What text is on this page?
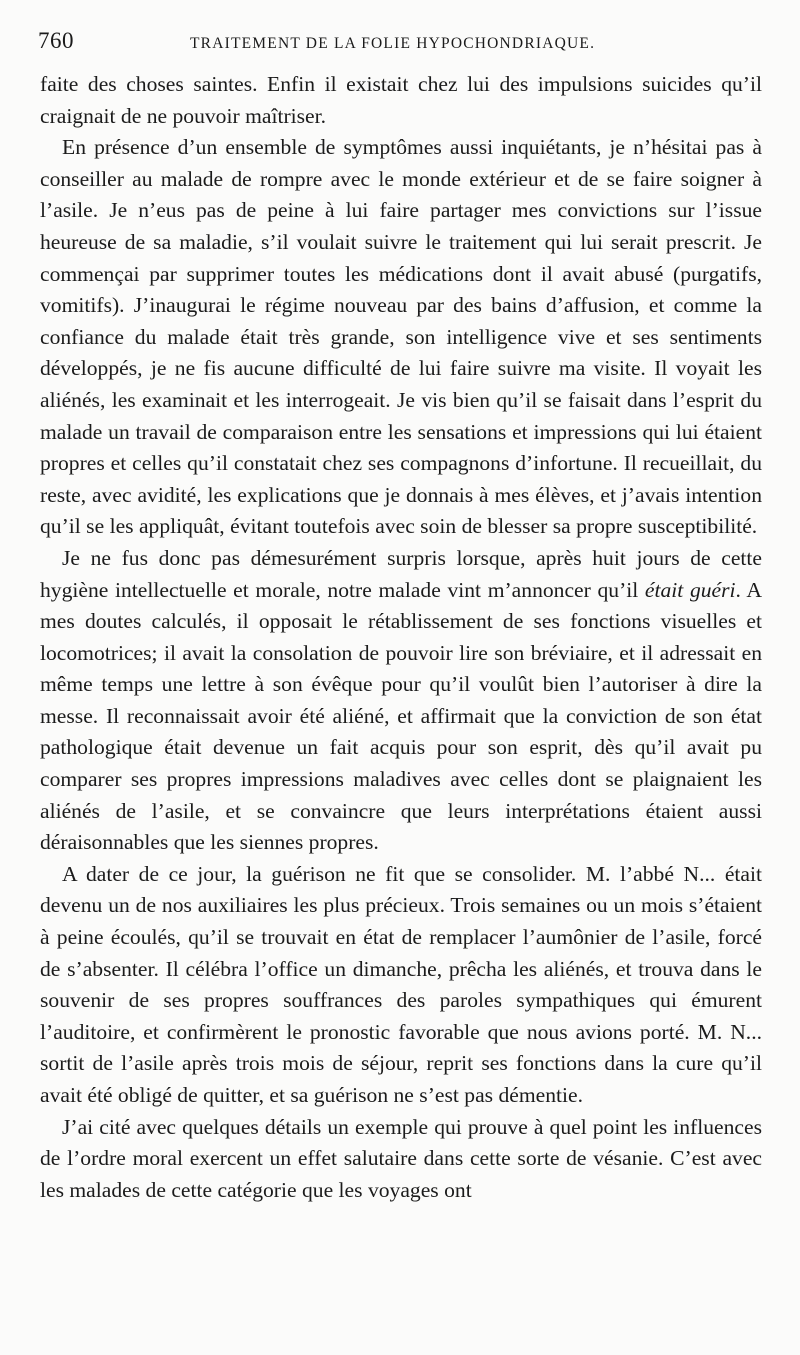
760	TRAITEMENT DE LA FOLIE HYPOCHONDRIAQUE.

faite des choses saintes. Enfin il existait chez lui des impulsions suicides qu’il craignait de ne pouvoir maîtriser.

En présence d’un ensemble de symptômes aussi inquiétants, je n’hésitai pas à conseiller au malade de rompre avec le monde extérieur et de se faire soigner à l’asile. Je n’eus pas de peine à lui faire partager mes convictions sur l’issue heureuse de sa maladie, s’il voulait suivre le traitement qui lui serait prescrit. Je commençai par supprimer toutes les médications dont il avait abusé (purgatifs, vomitifs). J’inaugurai le régime nouveau par des bains d’affusion, et comme la confiance du malade était très grande, son intelligence vive et ses sentiments développés, je ne fis aucune difficulté de lui faire suivre ma visite. Il voyait les aliénés, les examinait et les interrogeait. Je vis bien qu’il se faisait dans l’esprit du malade un travail de comparaison entre les sensations et impressions qui lui étaient propres et celles qu’il constatait chez ses compagnons d’infortune. Il recueillait, du reste, avec avidité, les explications que je donnais à mes élèves, et j’avais intention qu’il se les appliquât, évitant toutefois avec soin de blesser sa propre susceptibilité.

Je ne fus donc pas démesurément surpris lorsque, après huit jours de cette hygiène intellectuelle et morale, notre malade vint m’annoncer qu’il était guéri. A mes doutes calculés, il opposait le rétablissement de ses fonctions visuelles et locomotrices; il avait la consolation de pouvoir lire son bréviaire, et il adressait en même temps une lettre à son évêque pour qu’il voulût bien l’autoriser à dire la messe. Il reconnaissait avoir été aliéné, et affirmait que la conviction de son état pathologique était devenue un fait acquis pour son esprit, dès qu’il avait pu comparer ses propres impressions maladives avec celles dont se plaignaient les aliénés de l’asile, et se convaincre que leurs interprétations étaient aussi déraisonnables que les siennes propres.

A dater de ce jour, la guérison ne fit que se consolider. M. l’abbé N... était devenu un de nos auxiliaires les plus précieux. Trois semaines ou un mois s’étaient à peine écoulés, qu’il se trouvait en état de remplacer l’aumônier de l’asile, forcé de s’absenter. Il célébra l’office un dimanche, prêcha les aliénés, et trouva dans le souvenir de ses propres souffrances des paroles sympathiques qui émurent l’auditoire, et confirmèrent le pronostic favorable que nous avions porté. M. N... sortit de l’asile après trois mois de séjour, reprit ses fonctions dans la cure qu’il avait été obligé de quitter, et sa guérison ne s’est pas démentie.

J’ai cité avec quelques détails un exemple qui prouve à quel point les influences de l’ordre moral exercent un effet salutaire dans cette sorte de vésanie. C’est avec les malades de cette catégorie que les voyages ont
